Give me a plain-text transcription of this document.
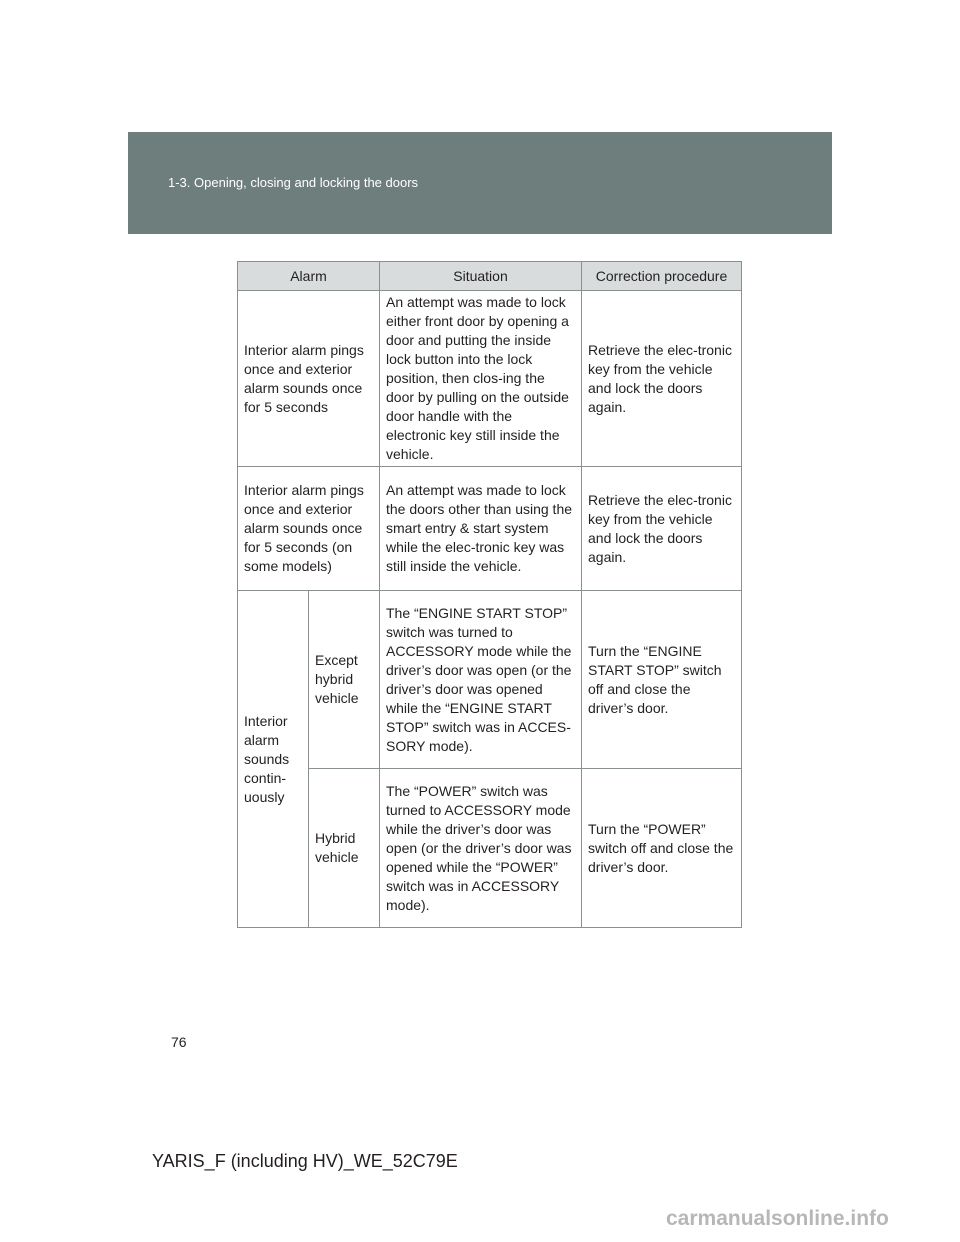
1-3. Opening, closing and locking the doors
Alarm		Situation	Correction procedure
Interior alarm pings once and exterior alarm sounds once for 5 seconds		An attempt was made to lock either front door by opening a door and putting the inside lock button into the lock position, then clos-ing the door by pulling on the outside door handle with the electronic key still inside the vehicle.	Retrieve the elec-tronic key from the vehicle and lock the doors again.
Interior alarm pings once and exterior alarm sounds once for 5 seconds (on some models)		An attempt was made to lock the doors other than using the smart entry & start system while the elec-tronic key was still inside the vehicle.	Retrieve the elec-tronic key from the vehicle and lock the doors again.
Interior alarm sounds contin-uously	Except hybrid vehicle	The “ENGINE START STOP” switch was turned to ACCESSORY mode while the driver’s door was open (or the driver’s door was opened while the “ENGINE START STOP” switch was in ACCES-SORY mode).	Turn the “ENGINE START STOP” switch off and close the driver’s door.
	Hybrid vehicle	The “POWER” switch was turned to ACCESSORY mode while the driver’s door was open (or the driver’s door was opened while the “POWER” switch was in ACCESSORY mode).	Turn the “POWER” switch off and close the driver’s door.
76
YARIS_F (including HV)_WE_52C79E
carmanualsonline.info
